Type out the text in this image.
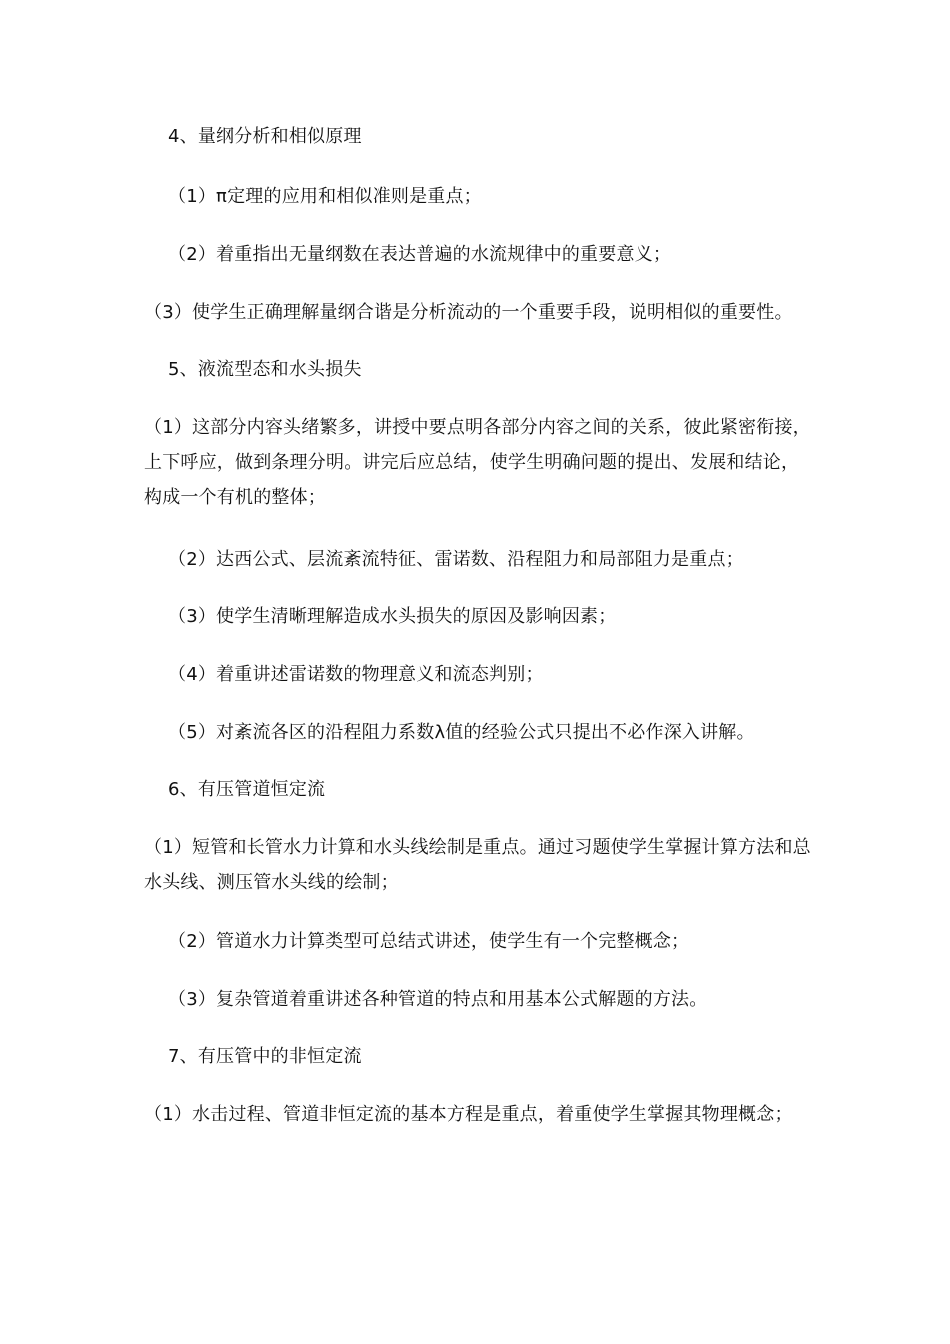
4、量纲分析和相似原理
（1）π定理的应用和相似准则是重点；
（2）着重指出无量纲数在表达普遍的水流规律中的重要意义；
（3）使学生正确理解量纲合谐是分析流动的一个重要手段，说明相似的重要性。
5、液流型态和水头损失
（1）这部分内容头绪繁多，讲授中要点明各部分内容之间的关系，彼此紧密衔接，上下呼应，做到条理分明。讲完后应总结，使学生明确问题的提出、发展和结论，构成一个有机的整体；
（2）达西公式、层流紊流特征、雷诺数、沿程阻力和局部阻力是重点；
（3）使学生清晰理解造成水头损失的原因及影响因素；
（4）着重讲述雷诺数的物理意义和流态判别；
（5）对紊流各区的沿程阻力系数λ值的经验公式只提出不必作深入讲解。
6、有压管道恒定流
（1）短管和长管水力计算和水头线绘制是重点。通过习题使学生掌握计算方法和总水头线、测压管水头线的绘制；
（2）管道水力计算类型可总结式讲述，使学生有一个完整概念；
（3）复杂管道着重讲述各种管道的特点和用基本公式解题的方法。
7、有压管中的非恒定流
（1）水击过程、管道非恒定流的基本方程是重点，着重使学生掌握其物理概念；
